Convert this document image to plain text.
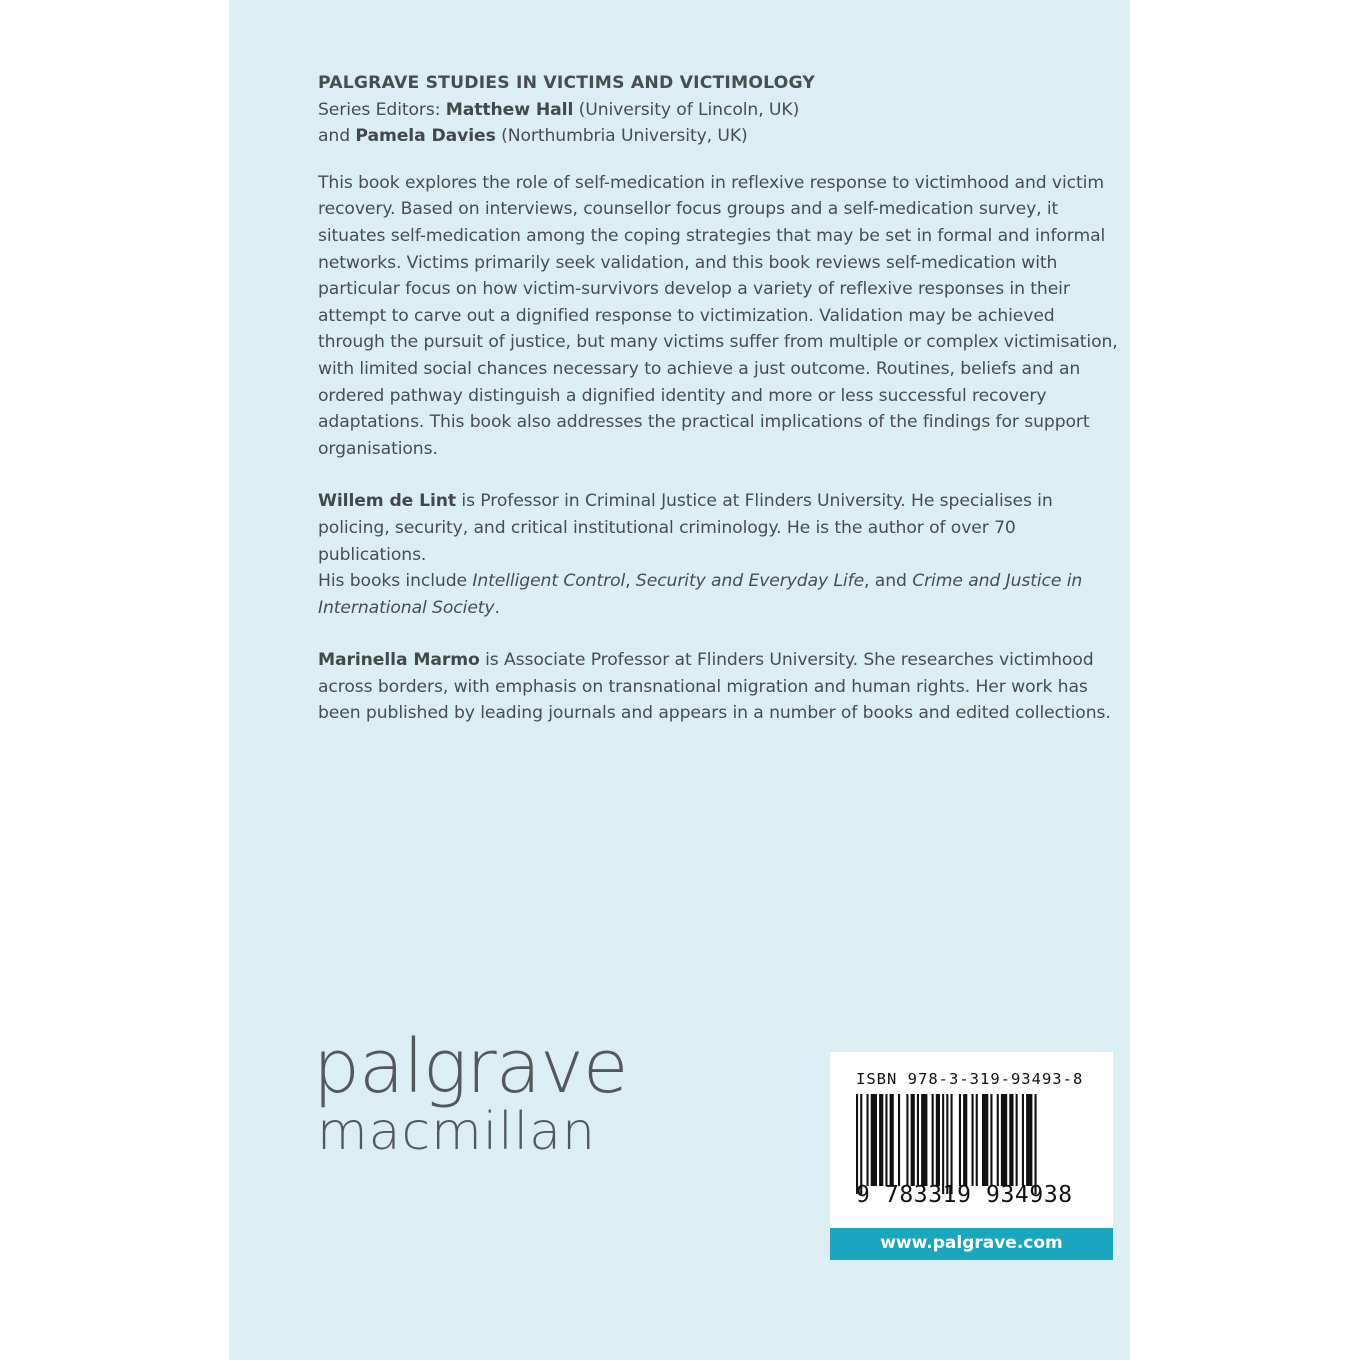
PALGRAVE STUDIES IN VICTIMS AND VICTIMOLOGY
Series Editors: Matthew Hall (University of Lincoln, UK)
and Pamela Davies (Northumbria University, UK)

This book explores the role of self-medication in reflexive response to victimhood and victim recovery. Based on interviews, counsellor focus groups and a self-medication survey, it situates self-medication among the coping strategies that may be set in formal and informal networks. Victims primarily seek validation, and this book reviews self-medication with particular focus on how victim-survivors develop a variety of reflexive responses in their attempt to carve out a dignified response to victimization. Validation may be achieved through the pursuit of justice, but many victims suffer from multiple or complex victimisation, with limited social chances necessary to achieve a just outcome. Routines, beliefs and an ordered pathway distinguish a dignified identity and more or less successful recovery adaptations. This book also addresses the practical implications of the findings for support organisations.

Willem de Lint is Professor in Criminal Justice at Flinders University. He specialises in policing, security, and critical institutional criminology. He is the author of over 70 publications.
His books include Intelligent Control, Security and Everyday Life, and Crime and Justice in International Society.

Marinella Marmo is Associate Professor at Flinders University. She researches victimhood across borders, with emphasis on transnational migration and human rights. Her work has been published by leading journals and appears in a number of books and edited collections.

palgrave
macmillan
ISBN 978-3-319-93493-8
9 783319 934938
www.palgrave.com
